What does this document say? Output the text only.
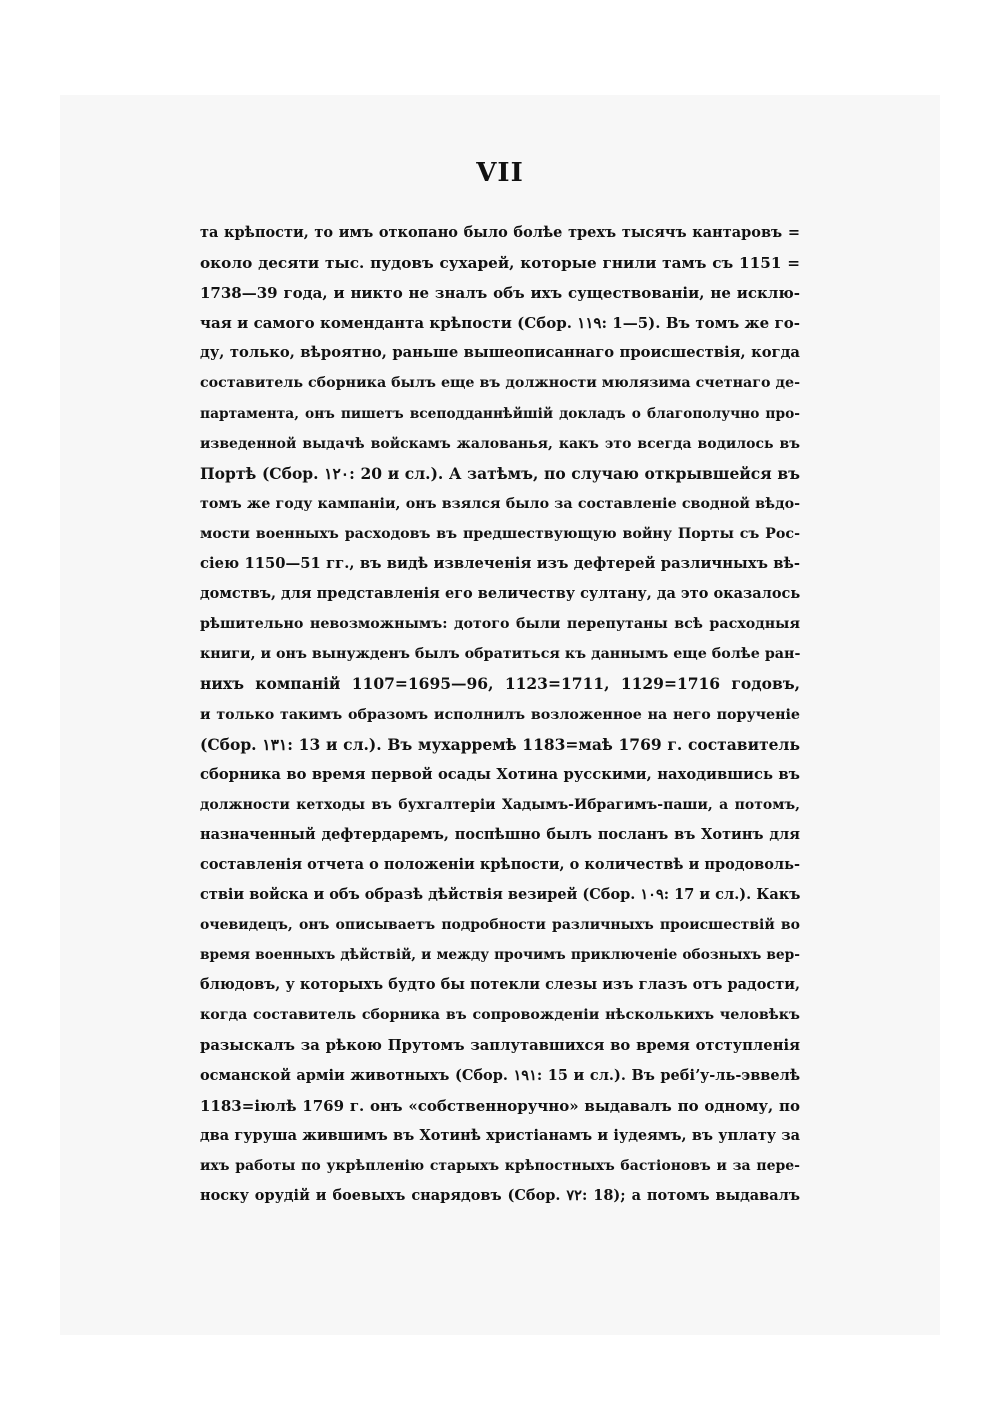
VII
та крѣпости, то имъ откопано было болѣе трехъ тысячъ кантаровъ =
около десяти тыс. пудовъ сухарей, которые гнили тамъ съ 1151 =
1738—39 года, и никто не зналъ объ ихъ существованіи, не исклю-
чая и самого коменданта крѣпости (Сбор. ١١٩: 1—5). Въ томъ же го-
ду, только, вѣроятно, раньше вышеописаннаго происшествія, когда
составитель сборника былъ еще въ должности мюлязима счетнаго де-
партамента, онъ пишетъ всеподданнѣйшій докладъ о благополучно про-
изведенной выдачѣ войскамъ жалованья, какъ это всегда водилось въ
Портѣ (Сбор. ١٢٠: 20 и сл.). А затѣмъ, по случаю открывшейся въ
томъ же году кампаніи, онъ взялся было за составленіе сводной вѣдо-
мости военныхъ расходовъ въ предшествующую войну Порты съ Рос-
сіею 1150—51 гг., въ видѣ извлеченія изъ дефтерей различныхъ вѣ-
домствъ, для представленія его величеству султану, да это оказалось
рѣшительно невозможнымъ: дотого были перепутаны всѣ расходныя
книги, и онъ вынужденъ былъ обратиться къ даннымъ еще болѣе ран-
нихъ компаній 1107=1695—96, 1123=1711, 1129=1716 годовъ,
и только такимъ образомъ исполнилъ возложенное на него порученіе
(Сбор. ١٣١: 13 и сл.). Въ мухарремѣ 1183=маѣ 1769 г. составитель
сборника во время первой осады Хотина русскими, находившись въ
должности кетходы въ бухгалтеріи Хадымъ-Ибрагимъ-паши, а потомъ,
назначенный дефтердаремъ, поспѣшно былъ посланъ въ Хотинъ для
составленія отчета о положеніи крѣпости, о количествѣ и продоволь-
ствіи войска и объ образѣ дѣйствія везирей (Сбор. ١٠٩: 17 и сл.). Какъ
очевидецъ, онъ описываетъ подробности различныхъ происшествій во
время военныхъ дѣйствій, и между прочимъ приключеніе обозныхъ вер-
блюдовъ, у которыхъ будто бы потекли слезы изъ глазъ отъ радости,
когда составитель сборника въ сопровожденіи нѣсколькихъ человѣкъ
разыскалъ за рѣкою Прутомъ заплутавшихся во время отступленія
османской арміи животныхъ (Сбор. ١٩١: 15 и сл.). Въ ребіʼу-ль-эввелѣ
1183=іюлѣ 1769 г. онъ «собственноручно» выдавалъ по одному, по
два гуруша жившимъ въ Хотинѣ христіанамъ и іудеямъ, въ уплату за
ихъ работы по укрѣпленію старыхъ крѣпостныхъ бастіоновъ и за пере-
носку орудій и боевыхъ снарядовъ (Сбор. ٧٢: 18); а потомъ выдавалъ
